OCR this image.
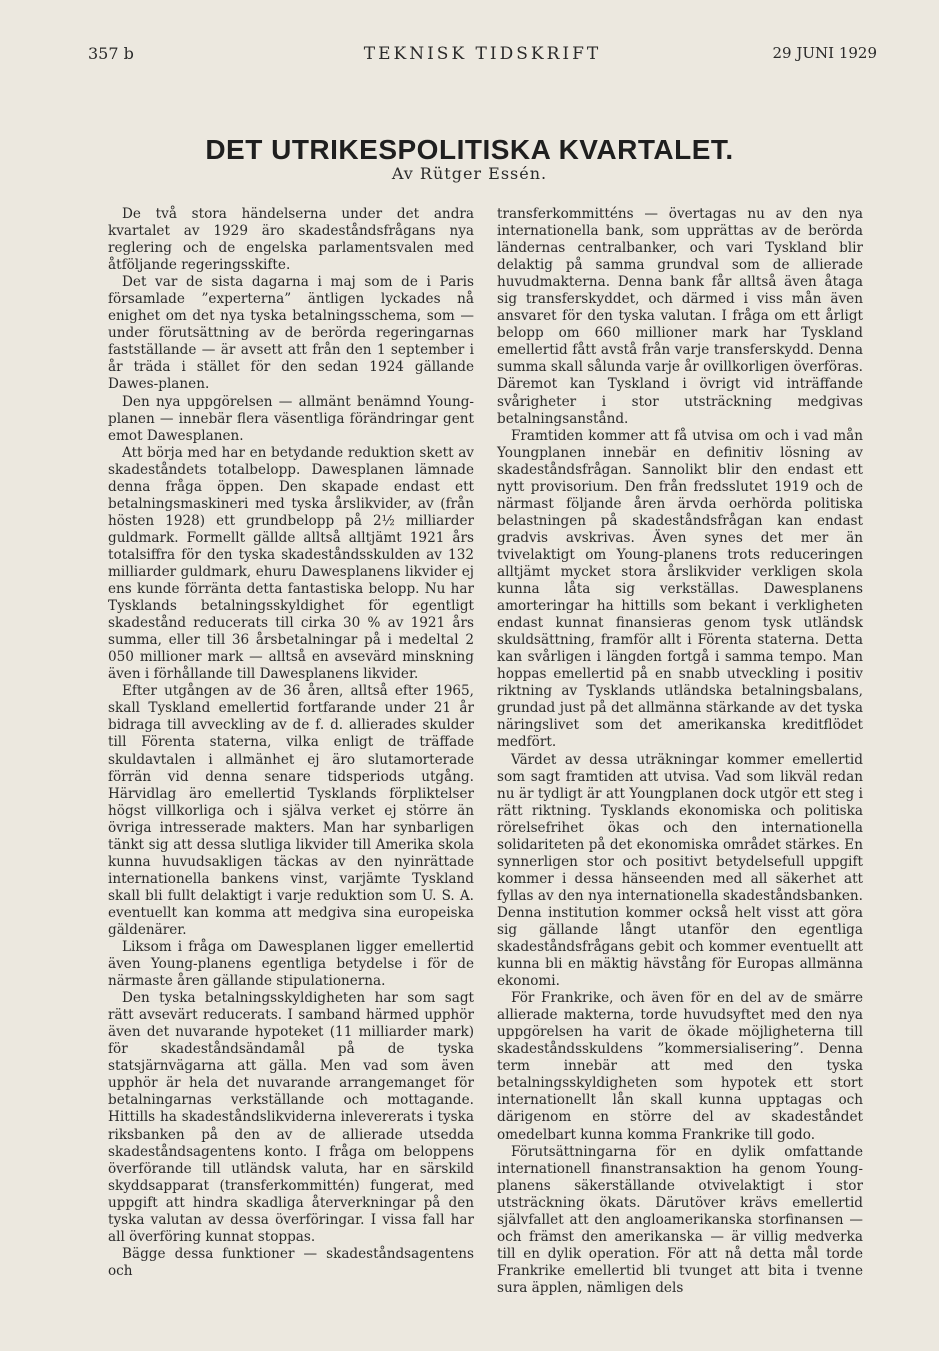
357 b	TEKNISK TIDSKRIFT	29 JUNI 1929
DET UTRIKESPOLITISKA KVARTALET.
Av Rütger Essén.

De två stora händelserna under det andra kvartalet av 1929 äro skadeståndsfrågans nya reglering och de engelska parlamentsvalen med åtföljande regeringsskifte.

Det var de sista dagarna i maj som de i Paris församlade ”experterna” äntligen lyckades nå enighet om det nya tyska betalningsschema, som — under förutsättning av de berörda regeringarnas fastställande — är avsett att från den 1 september i år träda i stället för den sedan 1924 gällande Dawes-planen.

Den nya uppgörelsen — allmänt benämnd Young-planen — innebär flera väsentliga förändringar gent emot Dawesplanen.

Att börja med har en betydande reduktion skett av skadeståndets totalbelopp. Dawesplanen lämnade denna fråga öppen. Den skapade endast ett betalningsmaskineri med tyska årslikvider, av (från hösten 1928) ett grundbelopp på 2½ milliarder guldmark. Formellt gällde alltså alltjämt 1921 års totalsiffra för den tyska skadeståndsskulden av 132 milliarder guldmark, ehuru Dawesplanens likvider ej ens kunde förränta detta fantastiska belopp. Nu har Tysklands betalningsskyldighet för egentligt skadestånd reducerats till cirka 30 % av 1921 års summa, eller till 36 årsbetalningar på i medeltal 2 050 millioner mark — alltså en avsevärd minskning även i förhållande till Dawesplanens likvider.

Efter utgången av de 36 åren, alltså efter 1965, skall Tyskland emellertid fortfarande under 21 år bidraga till avveckling av de f. d. allierades skulder till Förenta staterna, vilka enligt de träffade skuldavtalen i allmänhet ej äro slutamorterade förrän vid denna senare tidsperiods utgång. Härvidlag äro emellertid Tysklands förpliktelser högst villkorliga och i själva verket ej större än övriga intresserade makters. Man har synbarligen tänkt sig att dessa slutliga likvider till Amerika skola kunna huvudsakligen täckas av den nyinrättade internationella bankens vinst, varjämte Tyskland skall bli fullt delaktigt i varje reduktion som U. S. A. eventuellt kan komma att medgiva sina europeiska gäldenärer.

Liksom i fråga om Dawesplanen ligger emellertid även Young-planens egentliga betydelse i för de närmaste åren gällande stipulationerna.

Den tyska betalningsskyldigheten har som sagt rätt avsevärt reducerats. I samband härmed upphör även det nuvarande hypoteket (11 milliarder mark) för skadeståndsändamål på de tyska statsjärnvägarna att gälla. Men vad som även upphör är hela det nuvarande arrangemanget för betalningarnas verkställande och mottagande. Hittills ha skadeståndslikviderna inlevererats i tyska riksbanken på den av de allierade utsedda skadeståndsagentens konto. I fråga om beloppens överförande till utländsk valuta, har en särskild skyddsapparat (transferkommittén) fungerat, med uppgift att hindra skadliga återverkningar på den tyska valutan av dessa överföringar. I vissa fall har all överföring kunnat stoppas.

Bägge dessa funktioner — skadeståndsagentens och

transferkommitténs — övertagas nu av den nya internationella bank, som upprättas av de berörda ländernas centralbanker, och vari Tyskland blir delaktig på samma grundval som de allierade huvudmakterna. Denna bank får alltså även åtaga sig transferskyddet, och därmed i viss mån även ansvaret för den tyska valutan. I fråga om ett årligt belopp om 660 millioner mark har Tyskland emellertid fått avstå från varje transferskydd. Denna summa skall sålunda varje år ovillkorligen överföras. Däremot kan Tyskland i övrigt vid inträffande svårigheter i stor utsträckning medgivas betalningsanstånd.

Framtiden kommer att få utvisa om och i vad mån Youngplanen innebär en definitiv lösning av skadeståndsfrågan. Sannolikt blir den endast ett nytt provisorium. Den från fredsslutet 1919 och de närmast följande åren ärvda oerhörda politiska belastningen på skadeståndsfrågan kan endast gradvis avskrivas. Även synes det mer än tvivelaktigt om Young-planens trots reduceringen alltjämt mycket stora årslikvider verkligen skola kunna låta sig verkställas. Dawesplanens amorteringar ha hittills som bekant i verkligheten endast kunnat finansieras genom tysk utländsk skuldsättning, framför allt i Förenta staterna. Detta kan svårligen i längden fortgå i samma tempo. Man hoppas emellertid på en snabb utveckling i positiv riktning av Tysklands utländska betalningsbalans, grundad just på det allmänna stärkande av det tyska näringslivet som det amerikanska kreditflödet medfört.

Värdet av dessa uträkningar kommer emellertid som sagt framtiden att utvisa. Vad som likväl redan nu är tydligt är att Youngplanen dock utgör ett steg i rätt riktning. Tysklands ekonomiska och politiska rörelsefrihet ökas och den internationella solidariteten på det ekonomiska området stärkes. En synnerligen stor och positivt betydelsefull uppgift kommer i dessa hänseenden med all säkerhet att fyllas av den nya internationella skadeståndsbanken. Denna institution kommer också helt visst att göra sig gällande långt utanför den egentliga skadeståndsfrågans gebit och kommer eventuellt att kunna bli en mäktig hävstång för Europas allmänna ekonomi.

För Frankrike, och även för en del av de smärre allierade makterna, torde huvudsyftet med den nya uppgörelsen ha varit de ökade möjligheterna till skadeståndsskuldens ”kommersialisering”. Denna term innebär att med den tyska betalningsskyldigheten som hypotek ett stort internationellt lån skall kunna upptagas och därigenom en större del av skadeståndet omedelbart kunna komma Frankrike till godo.

Förutsättningarna för en dylik omfattande internationell finanstransaktion ha genom Young-planens säkerställande otvivelaktigt i stor utsträckning ökats. Därutöver krävs emellertid självfallet att den angloamerikanska storfinansen — och främst den amerikanska — är villig medverka till en dylik operation. För att nå detta mål torde Frankrike emellertid bli tvunget att bita i tvenne sura äpplen, nämligen dels
